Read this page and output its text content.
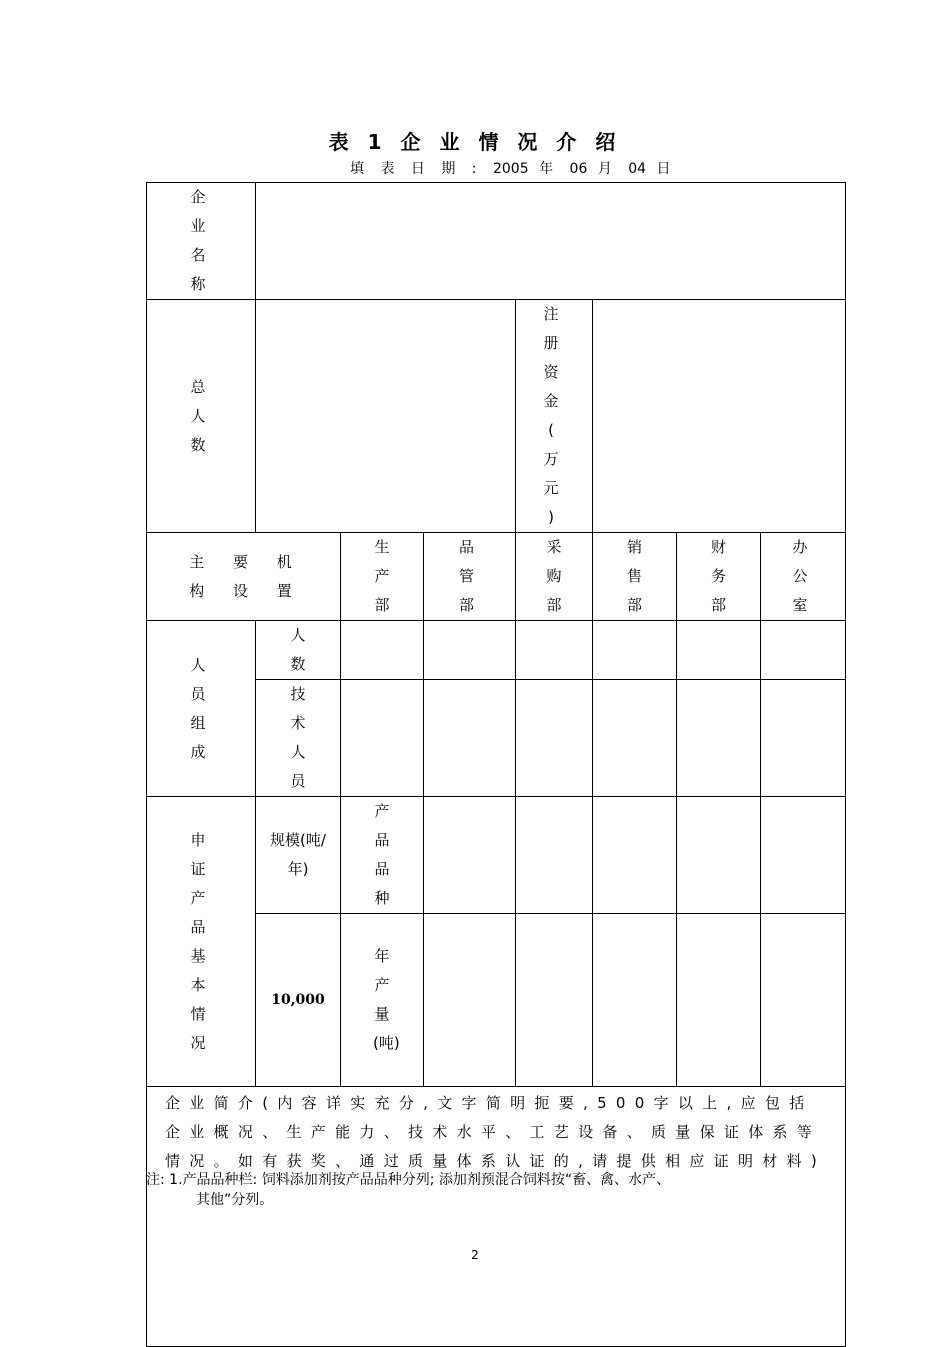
表 1 企 业 情 况 介 绍
填 表 日 期 : 2005 年 06 月 04 日
企 业 名 称							
总 人 数				注 册 资 金 ( 万 元 )			
主 要 机 构 设 置		生产部	品 管 部	采购部	销售部	财务部	办 公 室
人 员 组 成	人数						
	技术人员						
申 证 产 品 基 本 情 况	规模(吨/年)	产品品种					
	10,000	年产量(吨)					
企业简介(内容详实充分,文字简明扼要,500字以上,应包括企业概况、生产能力、技术水平、工艺设备、质量保证体系等情况。如有获奖、通过质量体系认证的,请提供相应证明材料)							
注: 1.产品品种栏: 饲料添加剂按产品品种分列; 添加剂预混合饲料按“畜、禽、水产、
其他”分列。
2
